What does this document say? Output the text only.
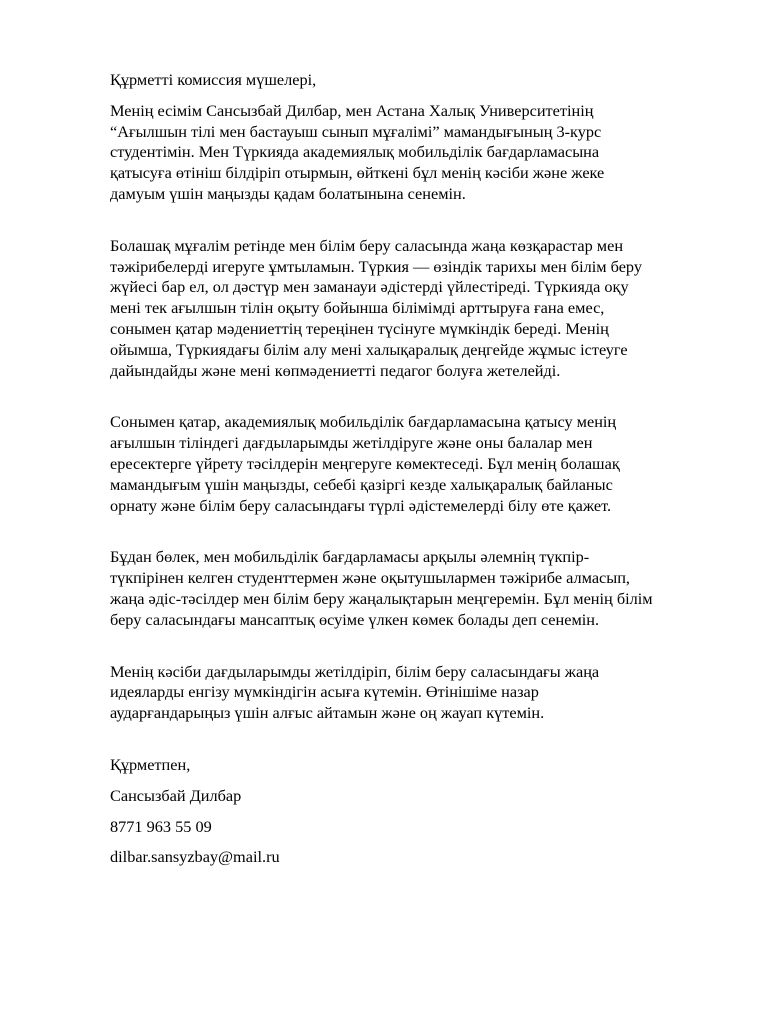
Құрметті комиссия мүшелері,
Менің есімім Сансызбай Дилбар, мен Астана Халық Университетінің
“Ағылшын тілі мен бастауыш сынып мұғалімі” мамандығының 3-курс
студентімін. Мен Түркияда академиялық мобильділік бағдарламасына
қатысуға өтініш білдіріп отырмын, өйткені бұл менің кәсіби және жеке
дамуым үшін маңызды қадам болатынына сенемін.
Болашақ мұғалім ретінде мен білім беру саласында жаңа көзқарастар мен
тәжірибелерді игеруге ұмтыламын. Түркия — өзіндік тарихы мен білім беру
жүйесі бар ел, ол дәстүр мен заманауи әдістерді үйлестіреді. Түркияда оқу
мені тек ағылшын тілін оқыту бойынша білімімді арттыруға ғана емес,
сонымен қатар мәдениеттің тереңінен түсінуге мүмкіндік береді. Менің
ойымша, Түркиядағы білім алу мені халықаралық деңгейде жұмыс істеуге
дайындайды және мені көпмәдениетті педагог болуға жетелейді.
Сонымен қатар, академиялық мобильділік бағдарламасына қатысу менің
ағылшын тіліндегі дағдыларымды жетілдіруге және оны балалар мен
ересектерге үйрету тәсілдерін меңгеруге көмектеседі. Бұл менің болашақ
мамандығым үшін маңызды, себебі қазіргі кезде халықаралық байланыс
орнату және білім беру саласындағы түрлі әдістемелерді білу өте қажет.
Бұдан бөлек, мен мобильділік бағдарламасы арқылы әлемнің түкпір-
түкпірінен келген студенттермен және оқытушылармен тәжірибе алмасып,
жаңа әдіс-тәсілдер мен білім беру жаңалықтарын меңгеремін. Бұл менің білім
беру саласындағы мансаптық өсуіме үлкен көмек болады деп сенемін.
Менің кәсіби дағдыларымды жетілдіріп, білім беру саласындағы жаңа
идеяларды енгізу мүмкіндігін асыға күтемін. Өтінішіме назар
аударғандарыңыз үшін алғыс айтамын және оң жауап күтемін.
Құрметпен,
Сансызбай Дилбар
8771 963 55 09
dilbar.sansyzbay@mail.ru
